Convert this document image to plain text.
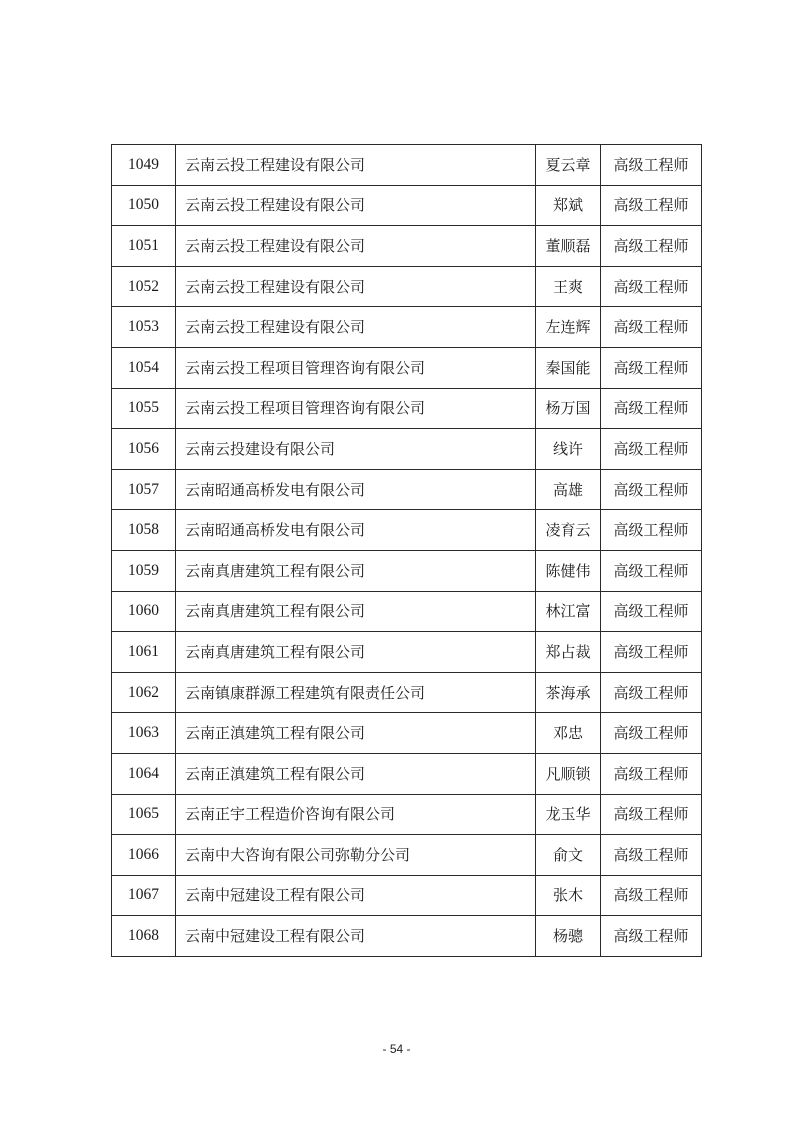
1049	云南云投工程建设有限公司	夏云章	高级工程师
1050	云南云投工程建设有限公司	郑斌	高级工程师
1051	云南云投工程建设有限公司	董顺磊	高级工程师
1052	云南云投工程建设有限公司	王爽	高级工程师
1053	云南云投工程建设有限公司	左连辉	高级工程师
1054	云南云投工程项目管理咨询有限公司	秦国能	高级工程师
1055	云南云投工程项目管理咨询有限公司	杨万国	高级工程师
1056	云南云投建设有限公司	线许	高级工程师
1057	云南昭通高桥发电有限公司	高雄	高级工程师
1058	云南昭通高桥发电有限公司	凌育云	高级工程师
1059	云南真唐建筑工程有限公司	陈健伟	高级工程师
1060	云南真唐建筑工程有限公司	林江富	高级工程师
1061	云南真唐建筑工程有限公司	郑占裁	高级工程师
1062	云南镇康群源工程建筑有限责任公司	茶海承	高级工程师
1063	云南正滇建筑工程有限公司	邓忠	高级工程师
1064	云南正滇建筑工程有限公司	凡顺锁	高级工程师
1065	云南正宇工程造价咨询有限公司	龙玉华	高级工程师
1066	云南中大咨询有限公司弥勒分公司	俞文	高级工程师
1067	云南中冠建设工程有限公司	张木	高级工程师
1068	云南中冠建设工程有限公司	杨骢	高级工程师
- 54 -
